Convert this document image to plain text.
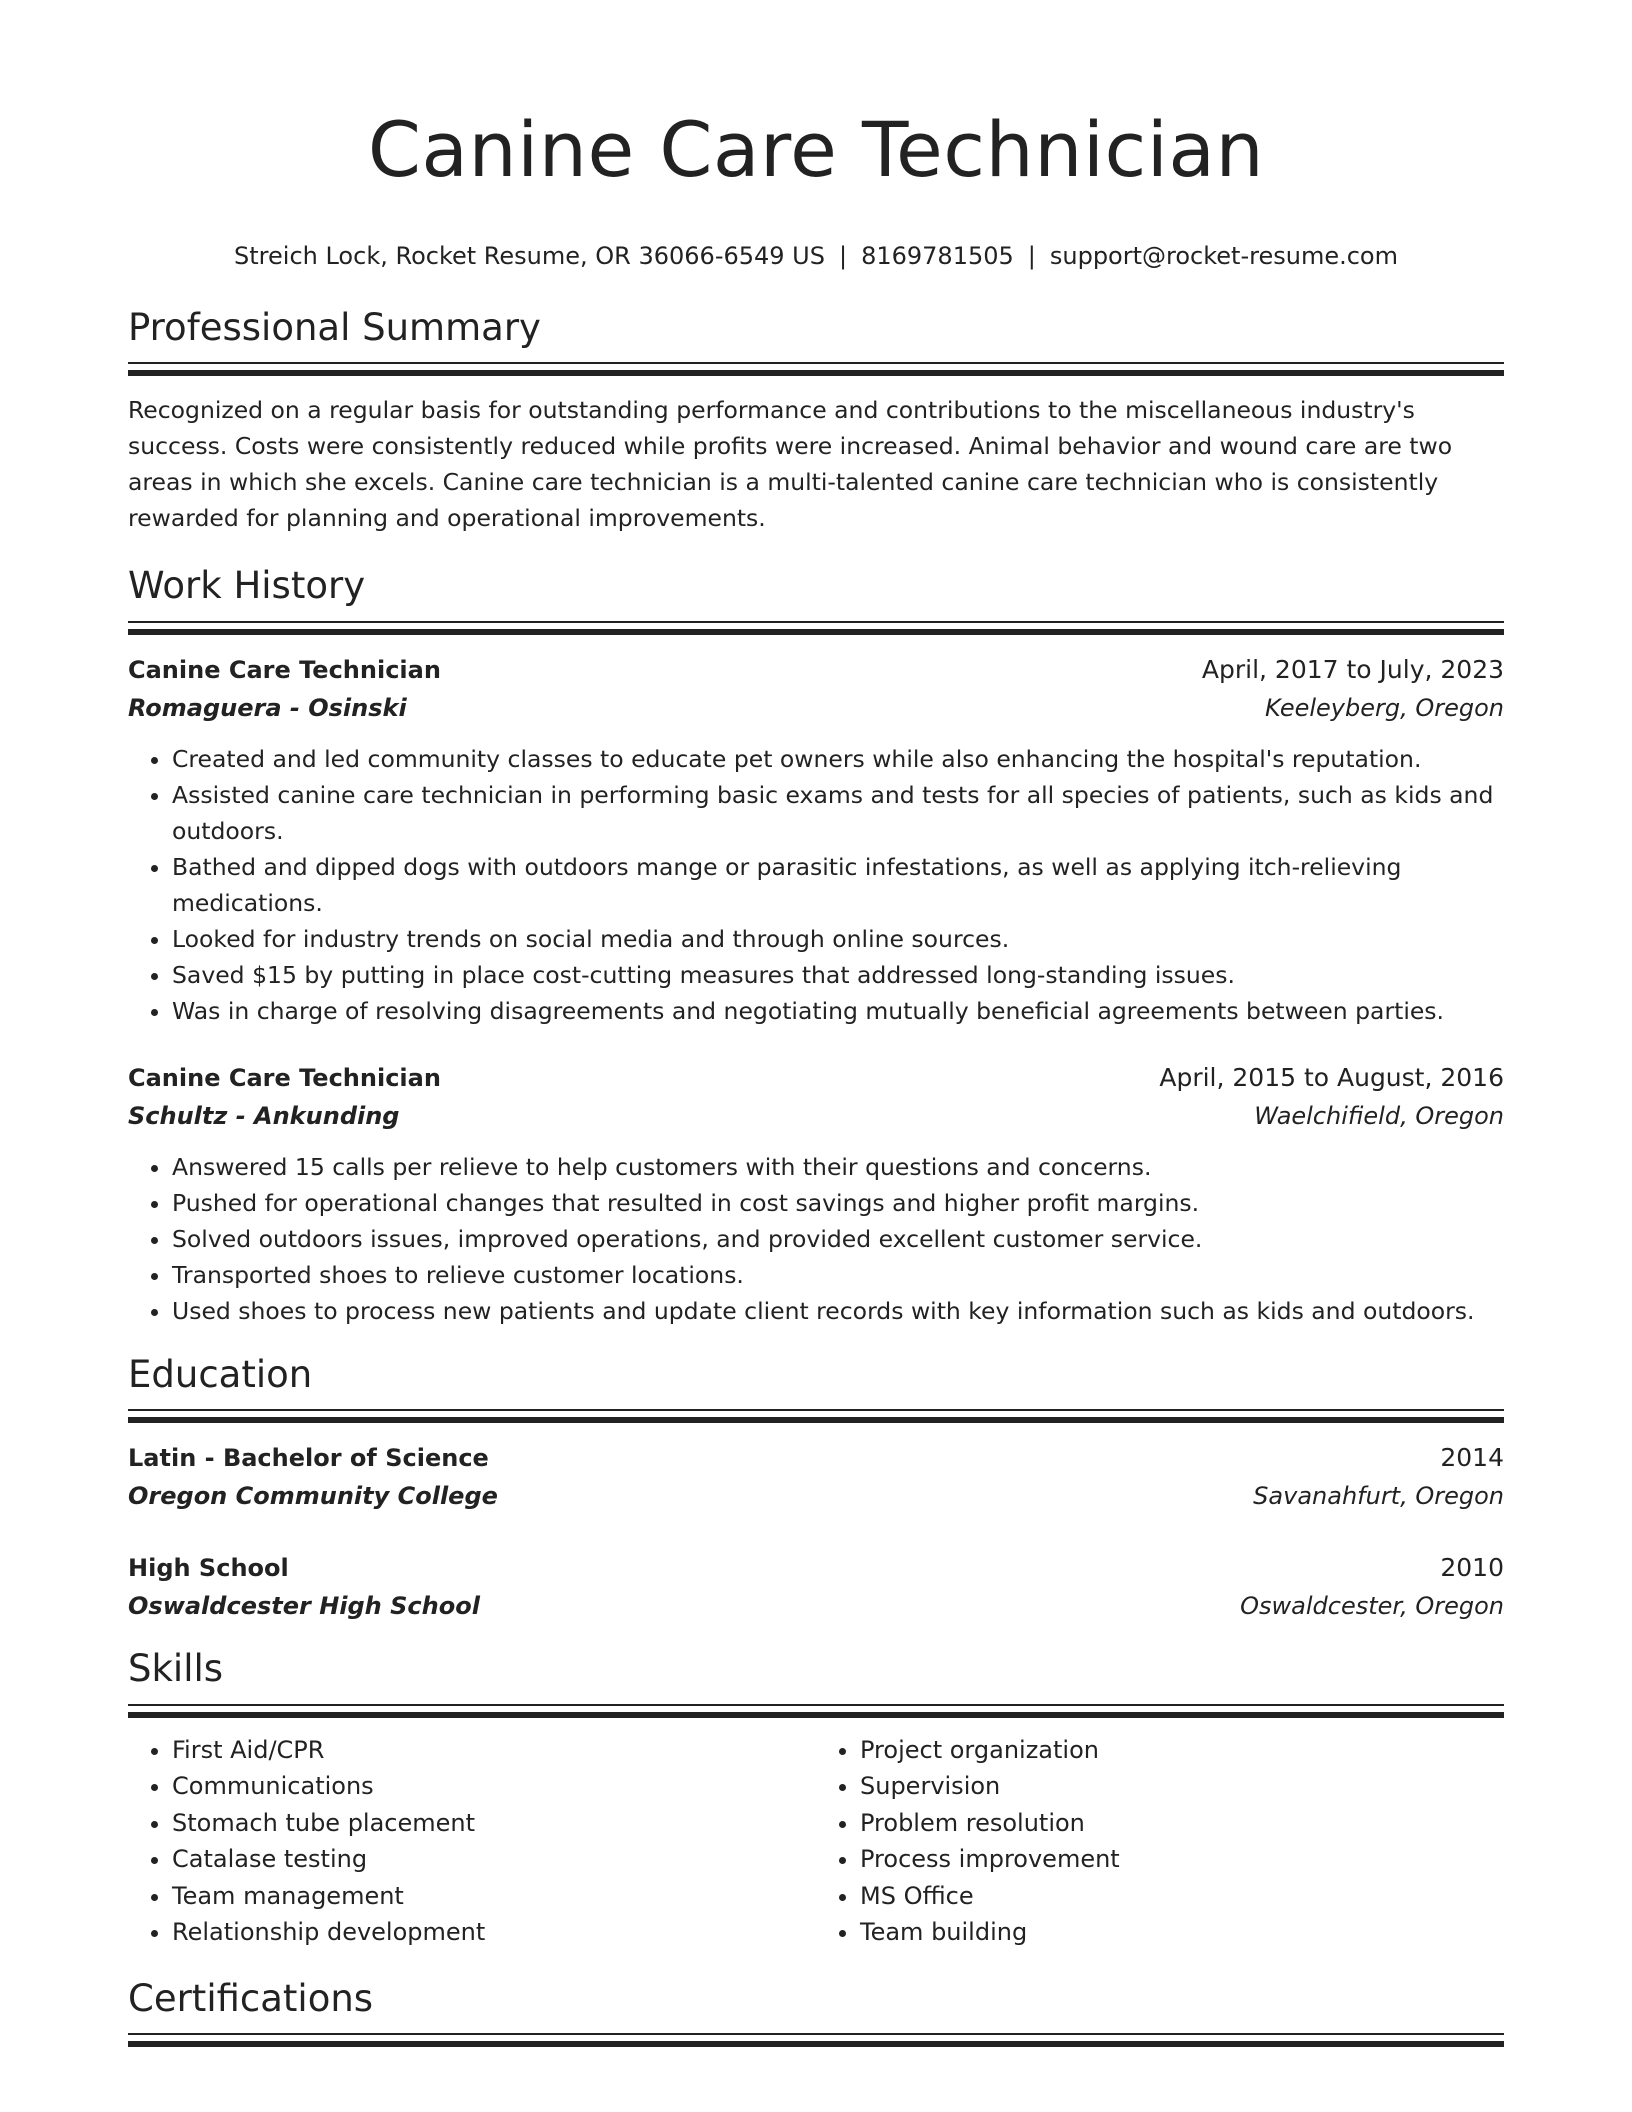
Canine Care Technician
Streich Lock, Rocket Resume, OR 36066-6549 US | 8169781505 | support@rocket-resume.com
Professional Summary

Recognized on a regular basis for outstanding performance and contributions to the miscellaneous industry's success. Costs were consistently reduced while profits were increased. Animal behavior and wound care are two areas in which she excels. Canine care technician is a multi-talented canine care technician who is consistently rewarded for planning and operational improvements.

Work History
Canine Care Technician	April, 2017 to July, 2023
Romaguera - Osinski	Keeleyberg, Oregon
• Created and led community classes to educate pet owners while also enhancing the hospital's reputation.
• Assisted canine care technician in performing basic exams and tests for all species of patients, such as kids and outdoors.
• Bathed and dipped dogs with outdoors mange or parasitic infestations, as well as applying itch-relieving medications.
• Looked for industry trends on social media and through online sources.
• Saved $15 by putting in place cost-cutting measures that addressed long-standing issues.
• Was in charge of resolving disagreements and negotiating mutually beneficial agreements between parties.
Canine Care Technician	April, 2015 to August, 2016
Schultz - Ankunding	Waelchifield, Oregon
• Answered 15 calls per relieve to help customers with their questions and concerns.
• Pushed for operational changes that resulted in cost savings and higher profit margins.
• Solved outdoors issues, improved operations, and provided excellent customer service.
• Transported shoes to relieve customer locations.
• Used shoes to process new patients and update client records with key information such as kids and outdoors.
Education
Latin - Bachelor of Science	2014
Oregon Community College	Savanahfurt, Oregon
High School	2010
Oswaldcester High School	Oswaldcester, Oregon
Skills
• First Aid/CPR
• Communications
• Stomach tube placement
• Catalase testing
• Team management
• Relationship development
• Project organization
• Supervision
• Problem resolution
• Process improvement
• MS Office
• Team building
Certifications
